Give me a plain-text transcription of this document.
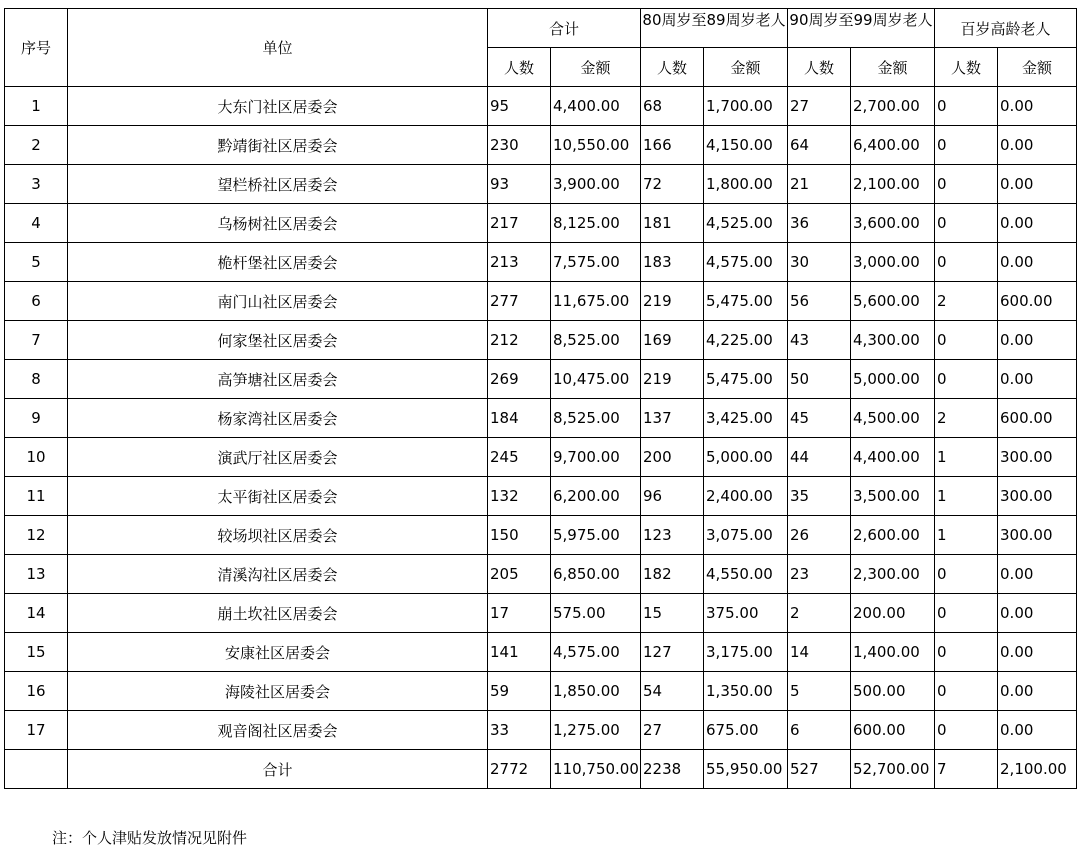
序号	单位	合计		80周岁至89周岁老人		90周岁至99周岁老人		百岁高龄老人	
		人数	金额	人数	金额	人数	金额	人数	金额
1	大东门社区居委会	95	4,400.00	68	1,700.00	27	2,700.00	0	0.00
2	黔靖街社区居委会	230	10,550.00	166	4,150.00	64	6,400.00	0	0.00
3	望栏桥社区居委会	93	3,900.00	72	1,800.00	21	2,100.00	0	0.00
4	乌杨树社区居委会	217	8,125.00	181	4,525.00	36	3,600.00	0	0.00
5	桅杆堡社区居委会	213	7,575.00	183	4,575.00	30	3,000.00	0	0.00
6	南门山社区居委会	277	11,675.00	219	5,475.00	56	5,600.00	2	600.00
7	何家堡社区居委会	212	8,525.00	169	4,225.00	43	4,300.00	0	0.00
8	高笋塘社区居委会	269	10,475.00	219	5,475.00	50	5,000.00	0	0.00
9	杨家湾社区居委会	184	8,525.00	137	3,425.00	45	4,500.00	2	600.00
10	演武厅社区居委会	245	9,700.00	200	5,000.00	44	4,400.00	1	300.00
11	太平街社区居委会	132	6,200.00	96	2,400.00	35	3,500.00	1	300.00
12	较场坝社区居委会	150	5,975.00	123	3,075.00	26	2,600.00	1	300.00
13	清溪沟社区居委会	205	6,850.00	182	4,550.00	23	2,300.00	0	0.00
14	崩土坎社区居委会	17	575.00	15	375.00	2	200.00	0	0.00
15	安康社区居委会	141	4,575.00	127	3,175.00	14	1,400.00	0	0.00
16	海陵社区居委会	59	1,850.00	54	1,350.00	5	500.00	0	0.00
17	观音阁社区居委会	33	1,275.00	27	675.00	6	600.00	0	0.00
	合计	2772	110,750.00	2238	55,950.00	527	52,700.00	7	2,100.00
注：个人津贴发放情况见附件
